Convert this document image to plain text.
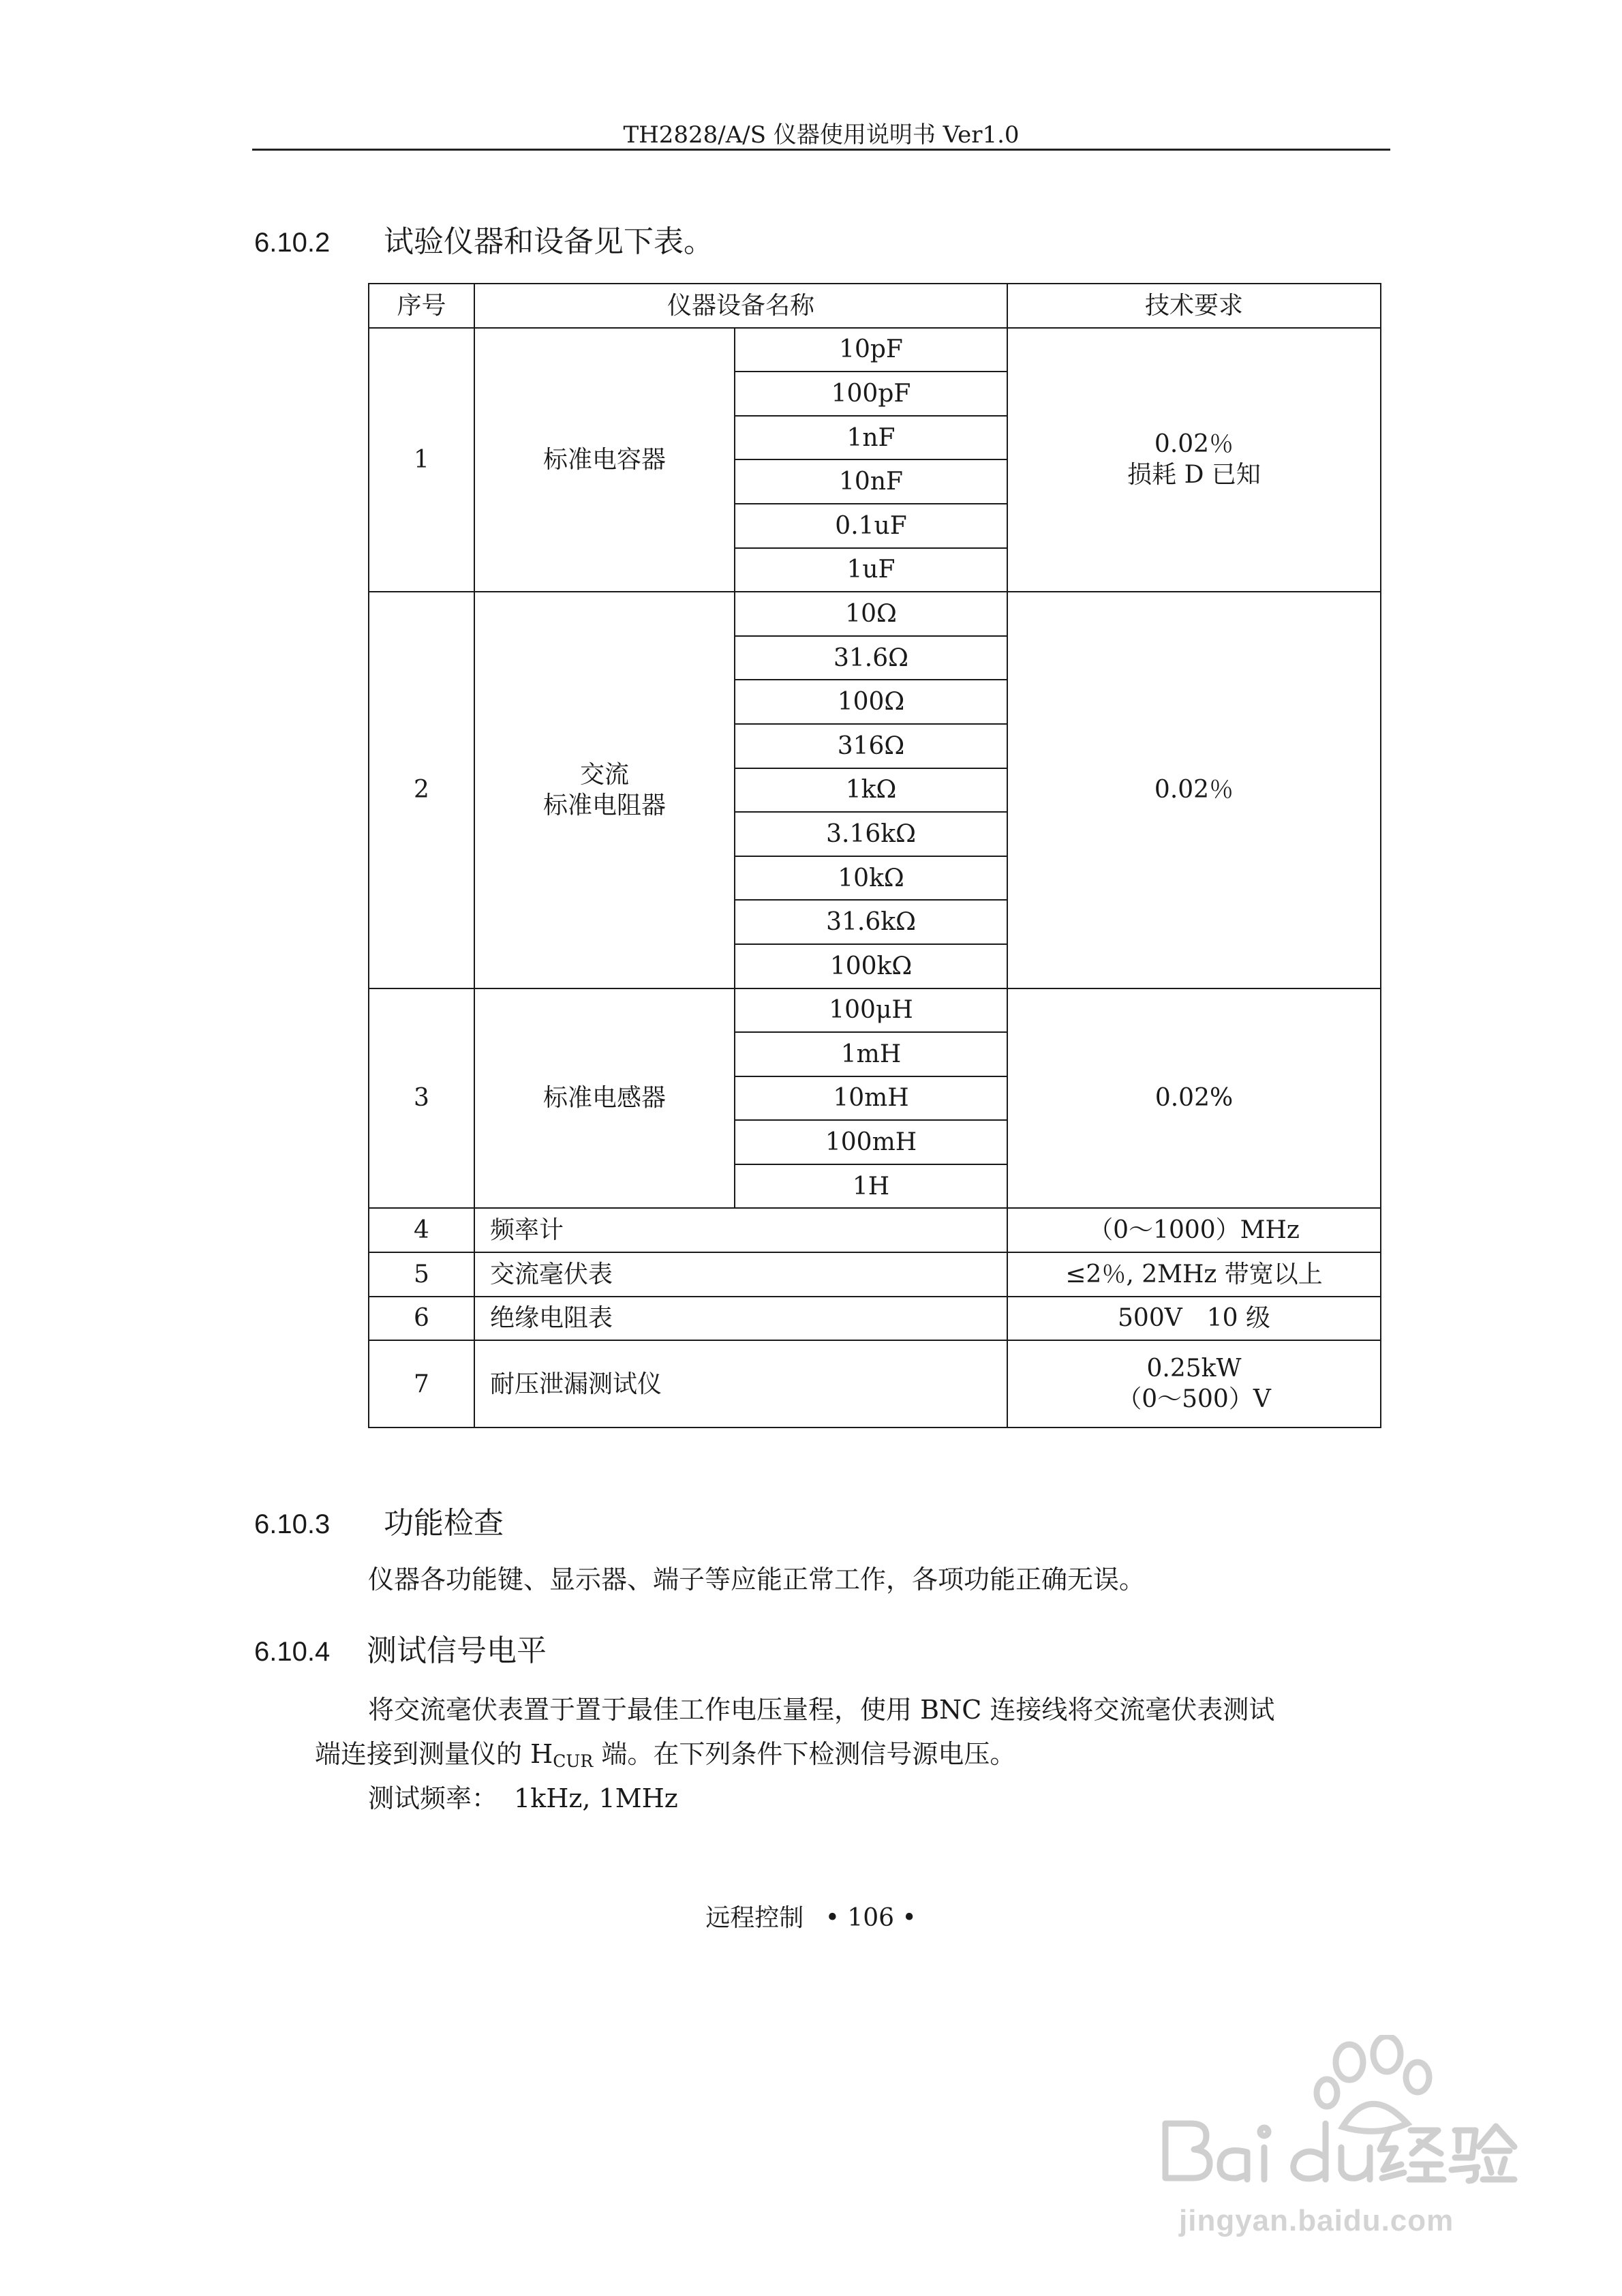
TH2828/A/S 仪器使用说明书 Ver1.0
6.10.2 试验仪器和设备见下表。
序号	仪器设备名称		技术要求
1	标准电容器	10pF	0.02％
损耗 D 已知

		100pF	
		1nF	
		10nF	
		0.1uF	
		1uF	
2	交流
标准电阻器	10Ω	0.02％
		31.6Ω	
		100Ω	
		316Ω	
		1kΩ	
		3.16kΩ	
		10kΩ	
		31.6kΩ	
		100kΩ	
3	标准电感器	100μH	0.02%
		1mH	
		10mH	
		100mH	
		1H	
4	频率计		（0～1000）MHz
5	交流毫伏表		≤2％, 2MHz 带宽以上
6	绝缘电阻表		500V　10 级
7	耐压泄漏测试仪		0.25kW
（0～500）V
6.10.3 功能检查
仪器各功能键、显示器、端子等应能正常工作，各项功能正确无误。
6.10.4 测试信号电平
将交流毫伏表置于置于最佳工作电压量程，使用 BNC 连接线将交流毫伏表测试
端连接到测量仪的 $H_{CUR}$ 端。在下列条件下检测信号源电压。
测试频率： 1kHz, 1MHz
远程控制 • 106 •
jingyan.baidu.com
